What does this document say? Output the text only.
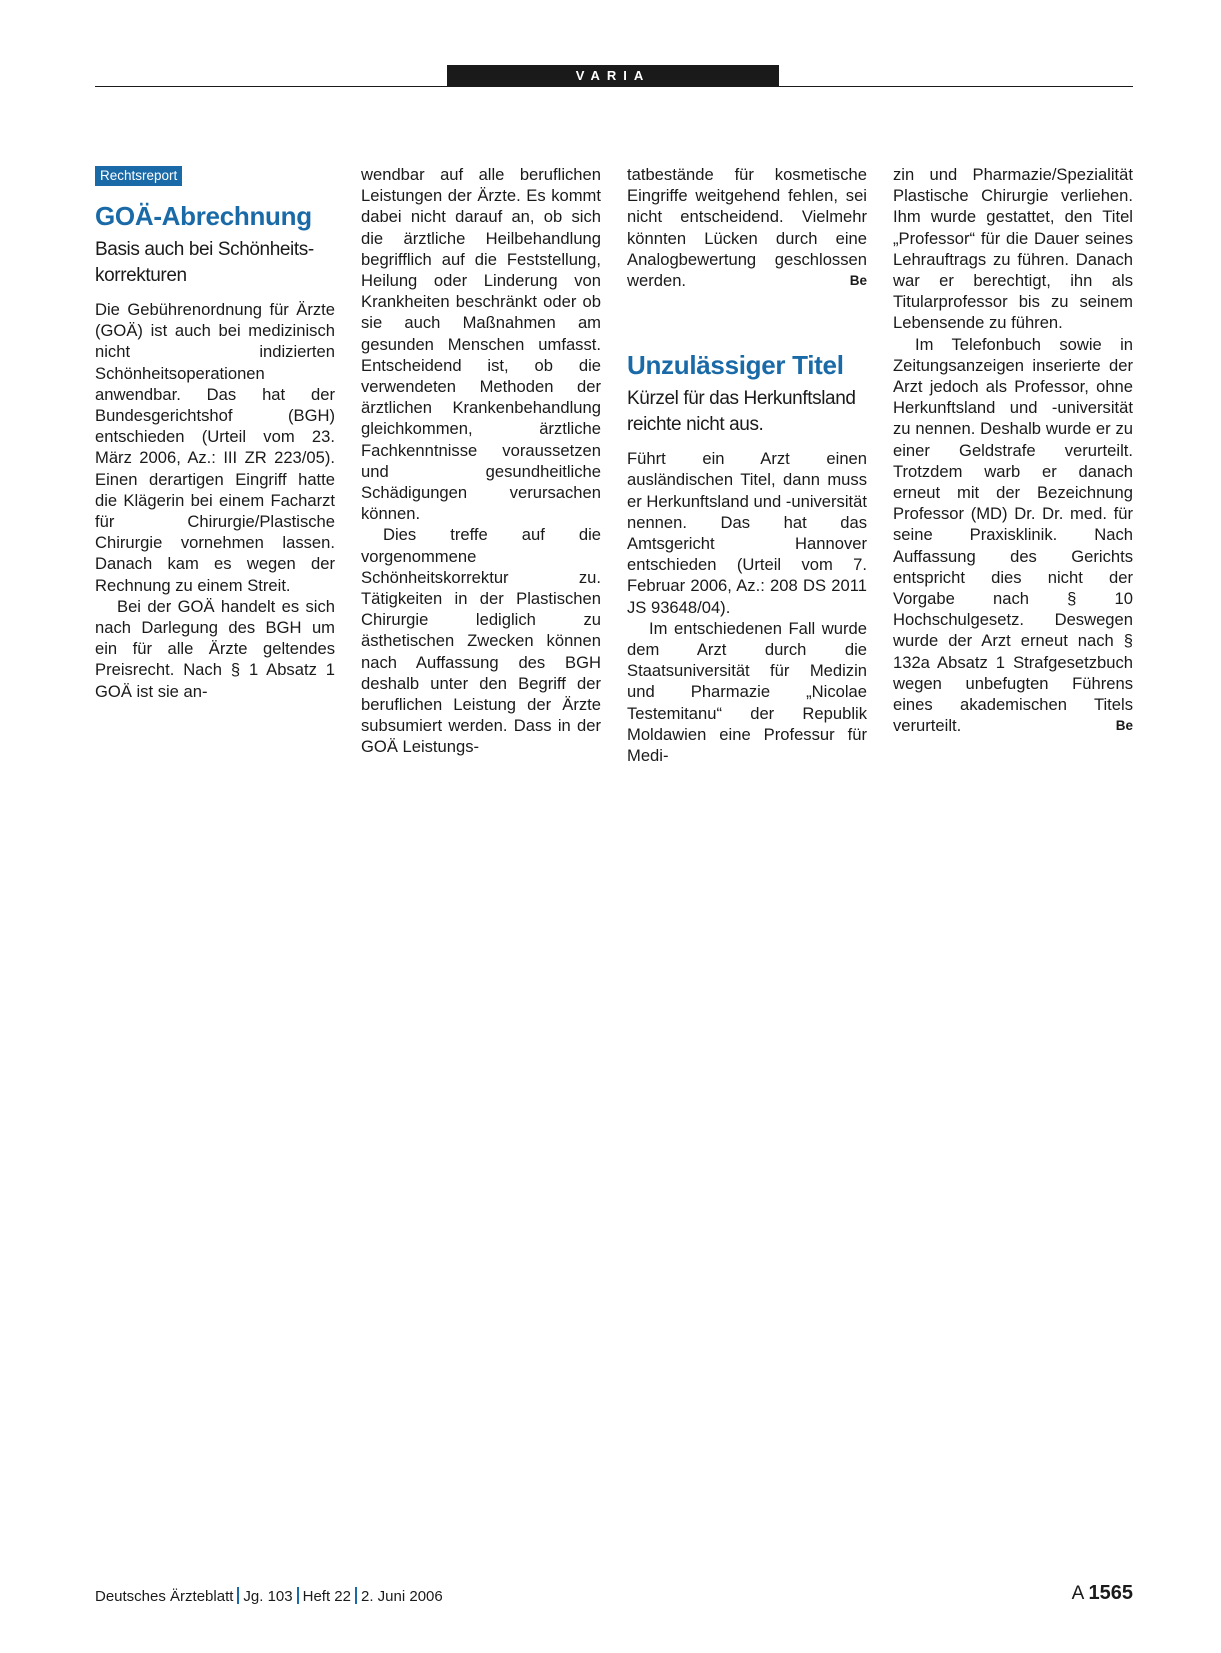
VARIA
Rechtsreport
GOÄ-Abrechnung
Basis auch bei Schönheits- korrekturen

Die Gebührenordnung für Ärzte (GOÄ) ist auch bei medizinisch nicht indizierten Schönheitsoperationen anwendbar. Das hat der Bundesgerichtshof (BGH) entschieden (Urteil vom 23. März 2006, Az.: III ZR 223/05). Einen derartigen Eingriff hatte die Klägerin bei einem Facharzt für Chirurgie/Plastische Chirurgie vornehmen lassen. Danach kam es wegen der Rechnung zu einem Streit.

Bei der GOÄ handelt es sich nach Darlegung des BGH um ein für alle Ärzte geltendes Preisrecht. Nach § 1 Absatz 1 GOÄ ist sie an-

wendbar auf alle beruflichen Leistungen der Ärzte. Es kommt dabei nicht darauf an, ob sich die ärztliche Heilbehandlung begrifflich auf die Feststellung, Heilung oder Linderung von Krankheiten beschränkt oder ob sie auch Maßnahmen am gesunden Menschen umfasst. Entscheidend ist, ob die verwendeten Methoden der ärztlichen Krankenbehandlung gleichkommen, ärztliche Fachkenntnisse voraussetzen und gesundheitliche Schädigungen verursachen können.

Dies treffe auf die vorgenommene Schönheitskorrektur zu. Tätigkeiten in der Plastischen Chirurgie lediglich zu ästhetischen Zwecken können nach Auffassung des BGH deshalb unter den Begriff der beruflichen Leistung der Ärzte subsumiert werden. Dass in der GOÄ Leistungs-

tatbestände für kosmetische Eingriffe weitgehend fehlen, sei nicht entscheidend. Vielmehr könnten Lücken durch eine Analogbewertung geschlossen werden.	Be

Unzulässiger Titel
Kürzel für das Herkunftsland reichte nicht aus.

Führt ein Arzt einen ausländischen Titel, dann muss er Herkunftsland und -universität nennen. Das hat das Amtsgericht Hannover entschieden (Urteil vom 7. Februar 2006, Az.: 208 DS 2011 JS 93648/04).

Im entschiedenen Fall wurde dem Arzt durch die Staatsuniversität für Medizin und Pharmazie „Nicolae Testemitanu“ der Republik Moldawien eine Professur für Medi-

zin und Pharmazie/Spezialität Plastische Chirurgie verliehen. Ihm wurde gestattet, den Titel „Professor“ für die Dauer seines Lehrauftrags zu führen. Danach war er berechtigt, ihn als Titularprofessor bis zu seinem Lebensende zu führen.

Im Telefonbuch sowie in Zeitungsanzeigen inserierte der Arzt jedoch als Professor, ohne Herkunftsland und -universität zu nennen. Deshalb wurde er zu einer Geldstrafe verurteilt. Trotzdem warb er danach erneut mit der Bezeichnung Professor (MD) Dr. Dr. med. für seine Praxisklinik. Nach Auffassung des Gerichts entspricht dies nicht der Vorgabe nach § 10 Hochschulgesetz. Deswegen wurde der Arzt erneut nach § 132a Absatz 1 Strafgesetzbuch wegen unbefugten Führens eines akademischen Titels verurteilt.	Be

Deutsches Ärzteblatt Jg. 103 Heft 22 2. Juni 2006	A 1565
